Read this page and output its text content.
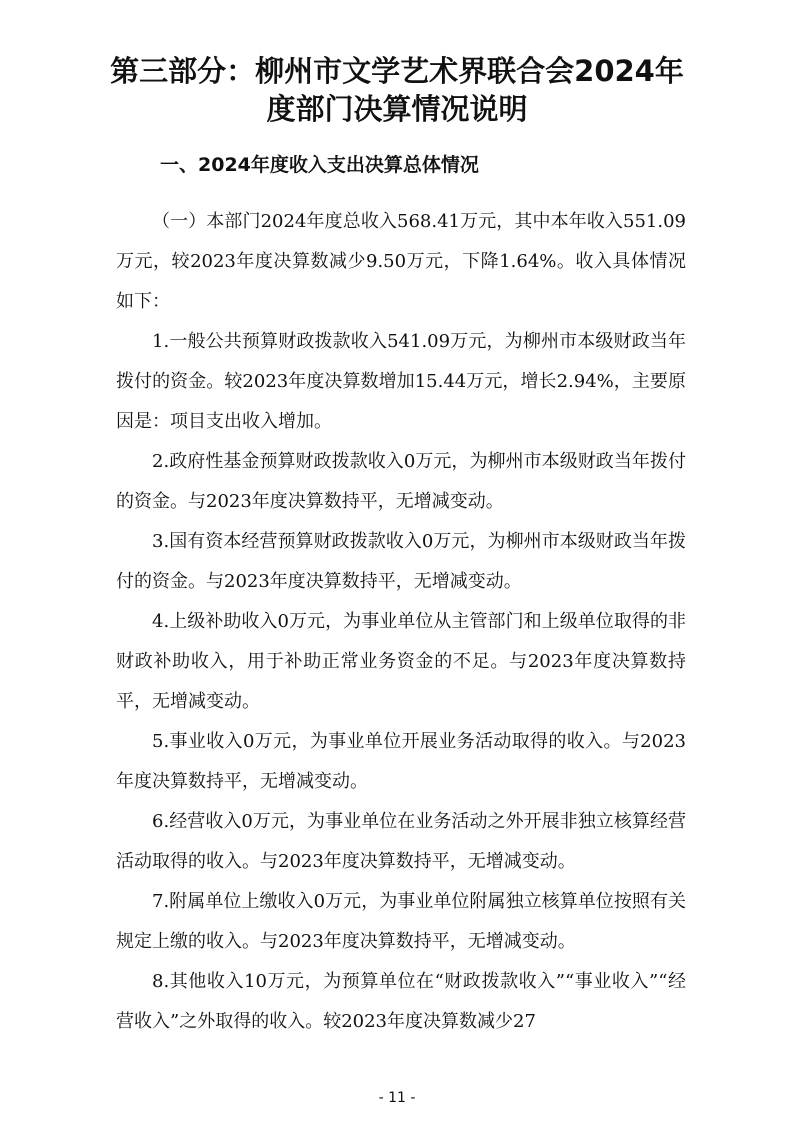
第三部分：柳州市文学艺术界联合会2024年度部门决算情况说明
一、2024年度收入支出决算总体情况

（一）本部门2024年度总收入568.41万元，其中本年收入551.09万元，较2023年度决算数减少9.50万元，下降1.64%。收入具体情况如下：

1.一般公共预算财政拨款收入541.09万元，为柳州市本级财政当年拨付的资金。较2023年度决算数增加15.44万元，增长2.94%，主要原因是：项目支出收入增加。

2.政府性基金预算财政拨款收入0万元，为柳州市本级财政当年拨付的资金。与2023年度决算数持平，无增减变动。

3.国有资本经营预算财政拨款收入0万元，为柳州市本级财政当年拨付的资金。与2023年度决算数持平，无增减变动。

4.上级补助收入0万元，为事业单位从主管部门和上级单位取得的非财政补助收入，用于补助正常业务资金的不足。与2023年度决算数持平，无增减变动。

5.事业收入0万元，为事业单位开展业务活动取得的收入。与2023年度决算数持平，无增减变动。

6.经营收入0万元，为事业单位在业务活动之外开展非独立核算经营活动取得的收入。与2023年度决算数持平，无增减变动。

7.附属单位上缴收入0万元，为事业单位附属独立核算单位按照有关规定上缴的收入。与2023年度决算数持平，无增减变动。

8.其他收入10万元，为预算单位在“财政拨款收入”“事业收入”“经营收入”之外取得的收入。较2023年度决算数减少27

- 11 -
